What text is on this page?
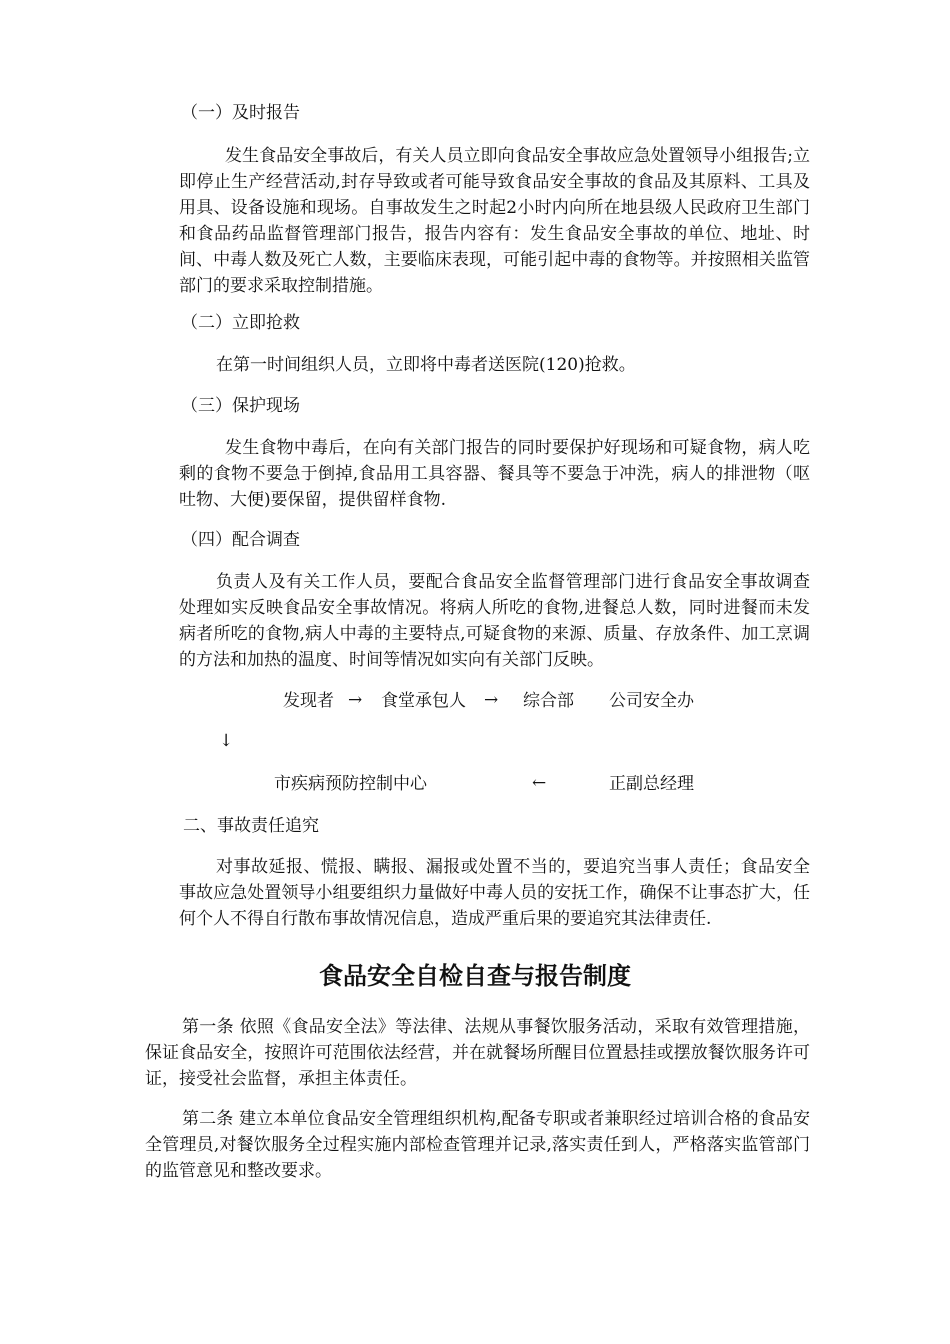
（一）及时报告
发生食品安全事故后，有关人员立即向食品安全事故应急处置领导小组报告;立即停止生产经营活动,封存导致或者可能导致食品安全事故的食品及其原料、工具及用具、设备设施和现场。自事故发生之时起2小时内向所在地县级人民政府卫生部门和食品药品监督管理部门报告，报告内容有：发生食品安全事故的单位、地址、时间、中毒人数及死亡人数，主要临床表现，可能引起中毒的食物等。并按照相关监管部门的要求采取控制措施。
（二）立即抢救
在第一时间组织人员，立即将中毒者送医院(120)抢救。
（三）保护现场
发生食物中毒后，在向有关部门报告的同时要保护好现场和可疑食物，病人吃剩的食物不要急于倒掉,食品用工具容器、餐具等不要急于冲洗，病人的排泄物（呕吐物、大便)要保留，提供留样食物.
（四）配合调查
负责人及有关工作人员，要配合食品安全监督管理部门进行食品安全事故调查处理如实反映食品安全事故情况。将病人所吃的食物,进餐总人数，同时进餐而未发病者所吃的食物,病人中毒的主要特点,可疑食物的来源、质量、存放条件、加工烹调的方法和加热的温度、时间等情况如实向有关部门反映。
发现者 → 食堂承包人 → 综合部 公司安全办
↓
市疾病预防控制中心	←	正副总经理
二、事故责任追究
对事故延报、慌报、瞒报、漏报或处置不当的，要追究当事人责任；食品安全事故应急处置领导小组要组织力量做好中毒人员的安抚工作，确保不让事态扩大，任何个人不得自行散布事故情况信息，造成严重后果的要追究其法律责任.
食品安全自检自查与报告制度
第一条 依照《食品安全法》等法律、法规从事餐饮服务活动，采取有效管理措施，保证食品安全，按照许可范围依法经营，并在就餐场所醒目位置悬挂或摆放餐饮服务许可证，接受社会监督，承担主体责任。
第二条 建立本单位食品安全管理组织机构,配备专职或者兼职经过培训合格的食品安全管理员,对餐饮服务全过程实施内部检查管理并记录,落实责任到人，严格落实监管部门的监管意见和整改要求。
